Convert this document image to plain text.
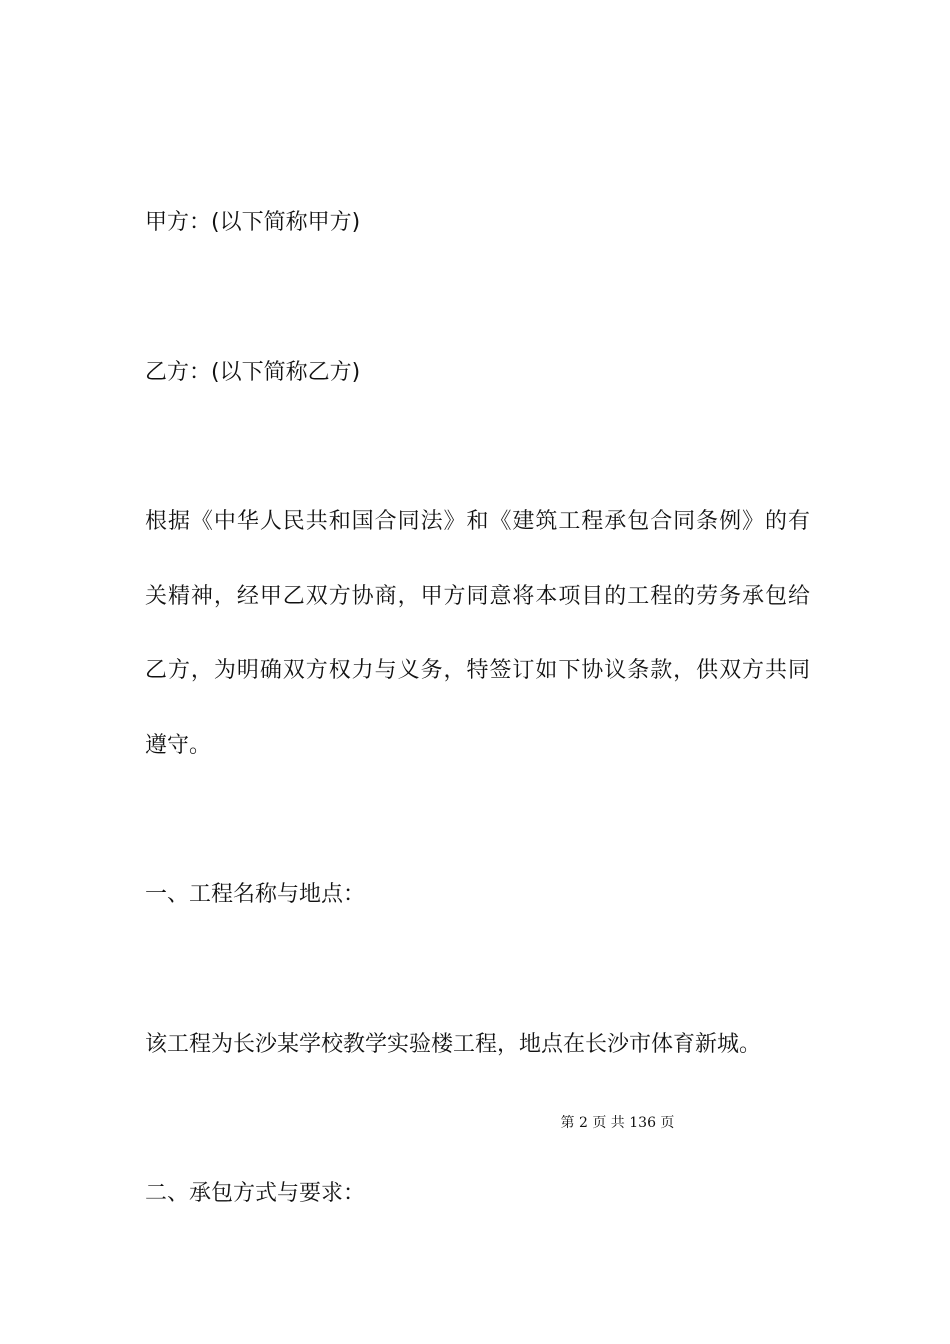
甲方：(以下简称甲方)

乙方：(以下简称乙方)

根据《中华人民共和国合同法》和《建筑工程承包合同条例》的有

关精神，经甲乙双方协商，甲方同意将本项目的工程的劳务承包给

乙方，为明确双方权力与义务，特签订如下协议条款，供双方共同

遵守。

一、工程名称与地点：

该工程为长沙某学校教学实验楼工程，地点在长沙市体育新城。

第 2 页 共 136 页

二、承包方式与要求：
